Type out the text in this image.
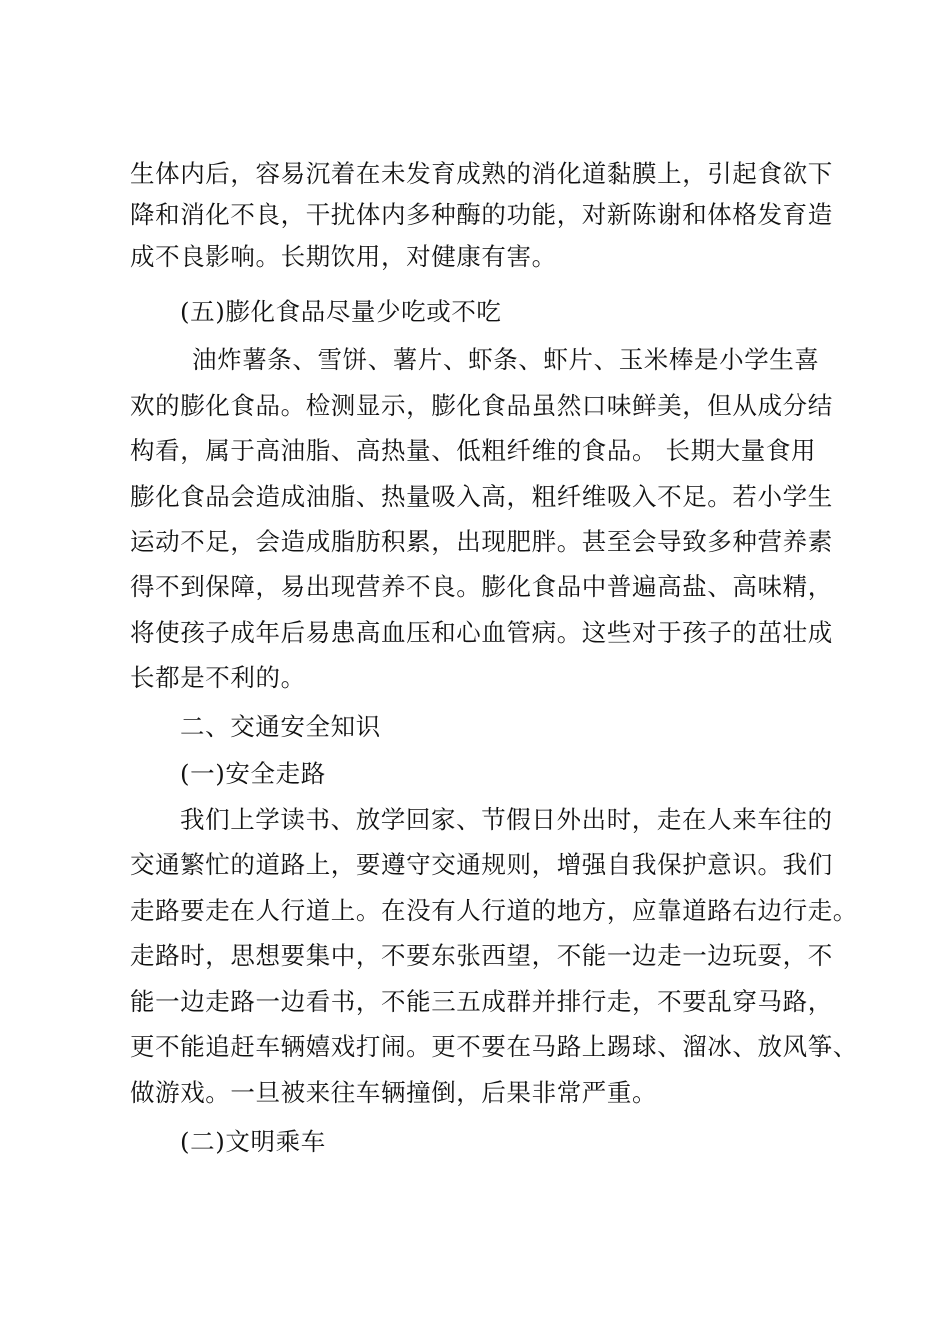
生体内后，容易沉着在未发育成熟的消化道黏膜上，引起食欲下
降和消化不良，干扰体内多种酶的功能，对新陈谢和体格发育造
成不良影响。长期饮用，对健康有害。
(五)膨化食品尽量少吃或不吃
油炸薯条、雪饼、薯片、虾条、虾片、玉米棒是小学生喜
欢的膨化食品。检测显示，膨化食品虽然口味鲜美，但从成分结
构看，属于高油脂、高热量、低粗纤维的食品。 长期大量食用
膨化食品会造成油脂、热量吸入高，粗纤维吸入不足。若小学生
运动不足，会造成脂肪积累，出现肥胖。甚至会导致多种营养素
得不到保障，易出现营养不良。膨化食品中普遍高盐、高味精，
将使孩子成年后易患高血压和心血管病。这些对于孩子的茁壮成
长都是不利的。
二、交通安全知识
(一)安全走路
我们上学读书、放学回家、节假日外出时，走在人来车往的
交通繁忙的道路上，要遵守交通规则，增强自我保护意识。我们
走路要走在人行道上。在没有人行道的地方，应靠道路右边行走。
走路时，思想要集中，不要东张西望，不能一边走一边玩耍，不
能一边走路一边看书，不能三五成群并排行走，不要乱穿马路，
更不能追赶车辆嬉戏打闹。更不要在马路上踢球、溜冰、放风筝、
做游戏。一旦被来往车辆撞倒，后果非常严重。
(二)文明乘车
